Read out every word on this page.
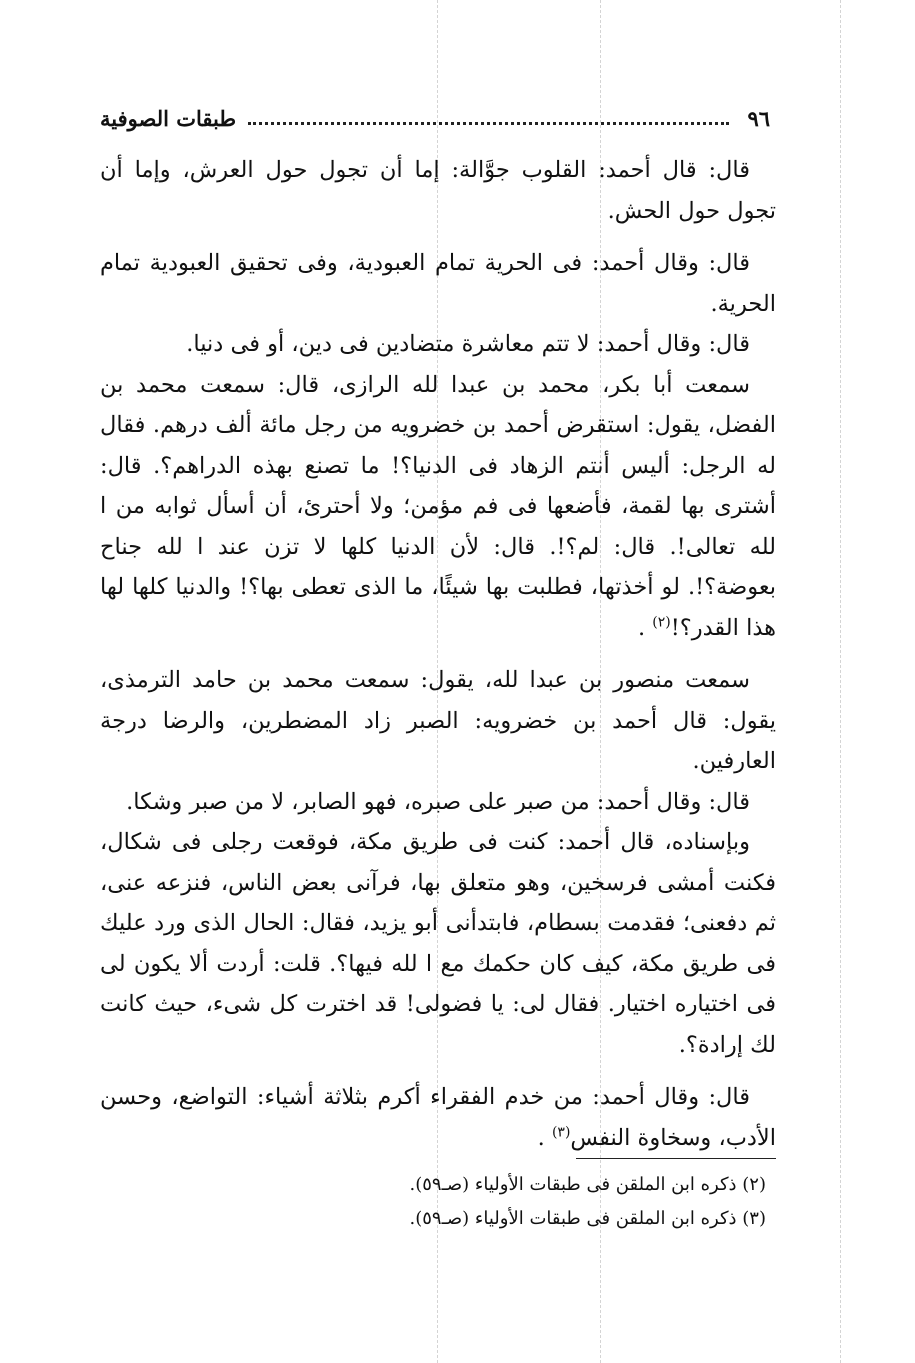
٩٦
طبقات الصوفية

قال: قال أحمد: القلوب جوَّالة: إما أن تجول حول العرش، وإما أن تجول حول الحش.

قال: وقال أحمد: فى الحرية تمام العبودية، وفى تحقيق العبودية تمام الحرية.

قال: وقال أحمد: لا تتم معاشرة متضادين فى دين، أو فى دنيا.

سمعت أبا بكر، محمد بن عبدا لله الرازى، قال: سمعت محمد بن الفضل، يقول: استقرض أحمد بن خضرويه من رجل مائة ألف درهم. فقال له الرجل: أليس أنتم الزهاد فى الدنيا؟! ما تصنع بهذه الدراهم؟. قال: أشترى بها لقمة، فأضعها فى فم مؤمن؛ ولا أحترئ، أن أسأل ثوابه من ا لله تعالى!. قال: لم؟!. قال: لأن الدنيا كلها لا تزن عند ا لله جناح بعوضة؟!. لو أخذتها، فطلبت بها شيئًا، ما الذى تعطى بها؟! والدنيا كلها لها هذا القدر؟!$^{(٢)}$ .

سمعت منصور بن عبدا لله، يقول: سمعت محمد بن حامد الترمذى، يقول: قال أحمد بن خضرويه: الصبر زاد المضطرين، والرضا درجة العارفين.

قال: وقال أحمد: من صبر على صبره، فهو الصابر، لا من صبر وشكا.

وبإسناده، قال أحمد: كنت فى طريق مكة، فوقعت رجلى فى شكال، فكنت أمشى فرسخين، وهو متعلق بها، فرآنى بعض الناس، فنزعه عنى، ثم دفعنى؛ فقدمت بسطام، فابتدأنى أبو يزيد، فقال: الحال الذى ورد عليك فى طريق مكة، كيف كان حكمك مع ا لله فيها؟. قلت: أردت ألا يكون لى فى اختياره اختيار. فقال لى: يا فضولى! قد اخترت كل شىء، حيث كانت لك إرادة؟.

قال: وقال أحمد: من خدم الفقراء أكرم بثلاثة أشياء: التواضع، وحسن الأدب، وسخاوة النفس$^{(٣)}$ .

(٢) ذكره ابن الملقن فى طبقات الأولياء (صـ٥٩).

(٣) ذكره ابن الملقن فى طبقات الأولياء (صـ٥٩).
